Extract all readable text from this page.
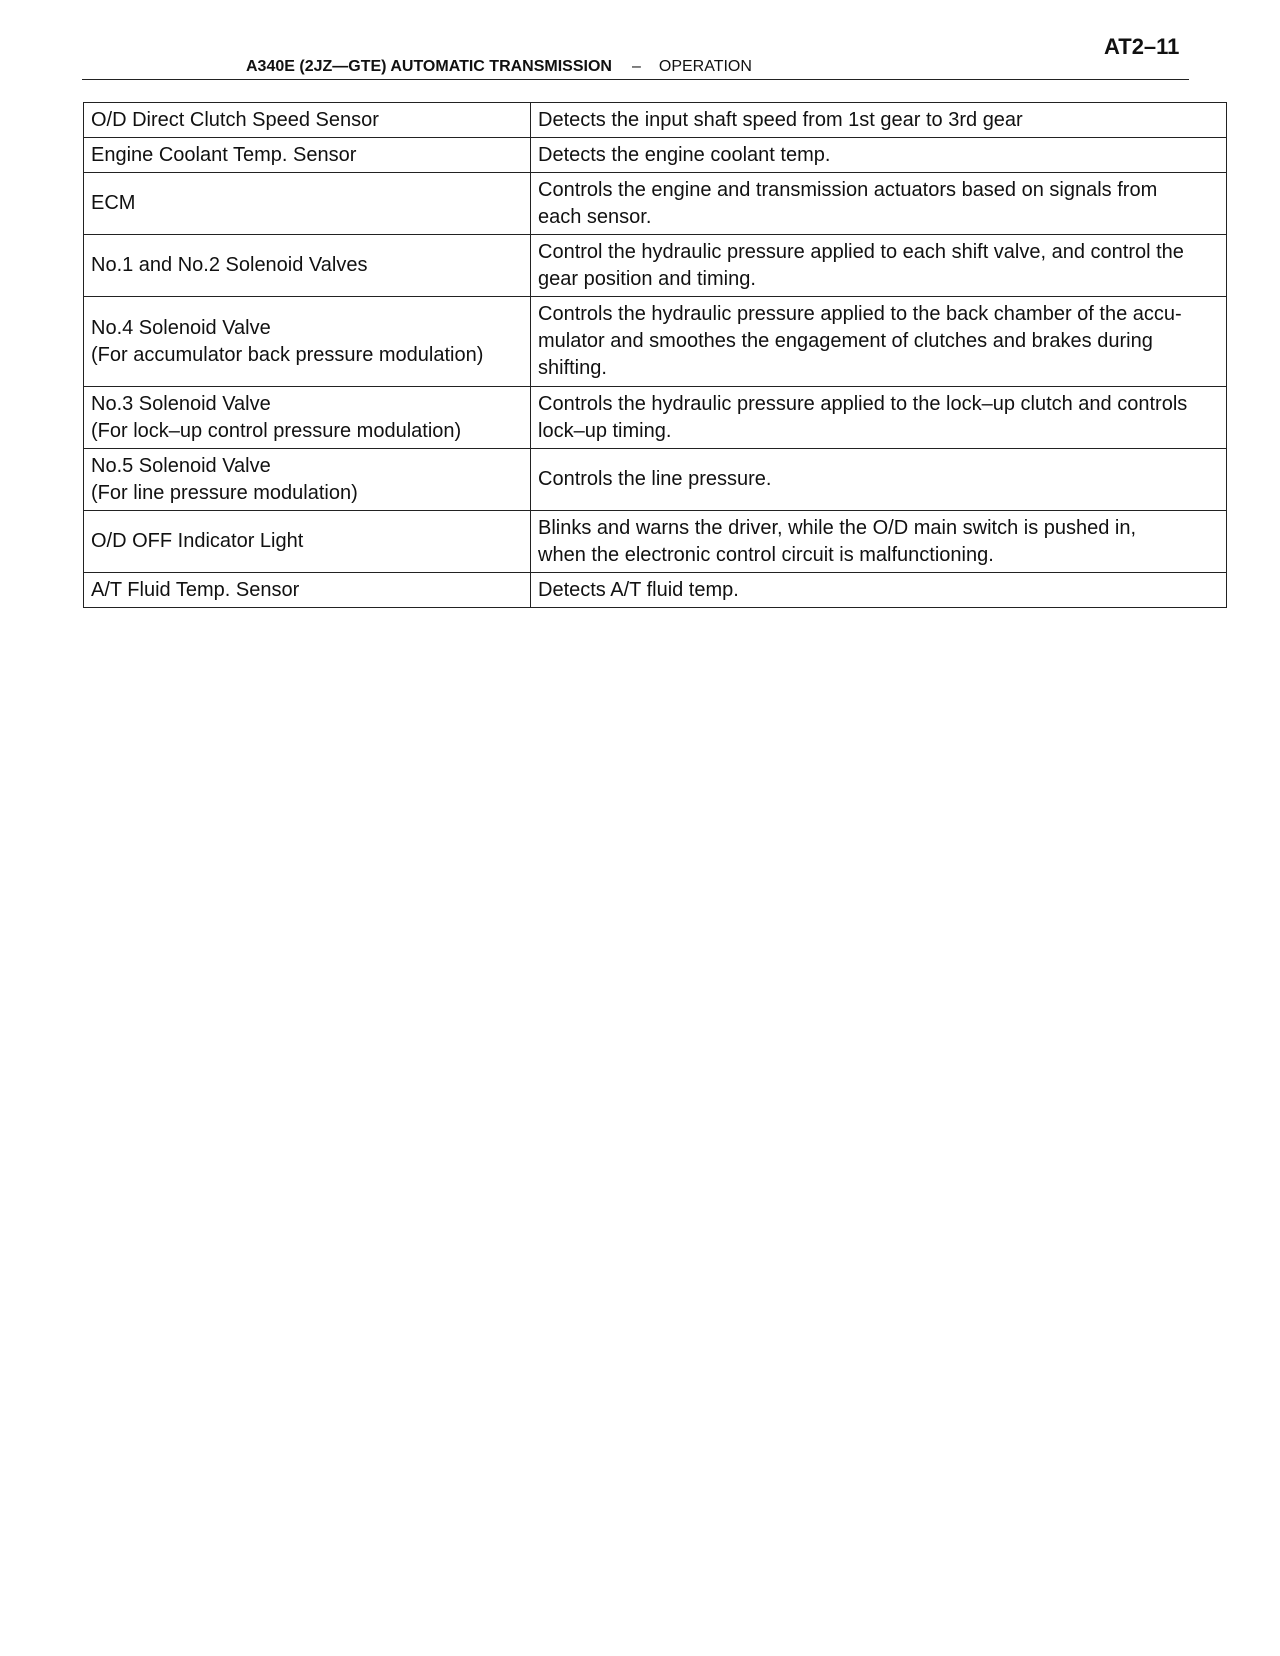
AT2–11
A340E (2JZ—GTE) AUTOMATIC TRANSMISSION – OPERATION
O/D Direct Clutch Speed Sensor	Detects the input shaft speed from 1st gear to 3rd gear

Engine Coolant Temp. Sensor	Detects the engine coolant temp.

ECM	Controls the engine and transmission actuators based on signals from
each sensor.

No.1 and No.2 Solenoid Valves	Control the hydraulic pressure applied to each shift valve, and control the
gear position and timing.

No.4 Solenoid Valve
(For accumulator back pressure modulation)	Controls the hydraulic pressure applied to the back chamber of the accu-
mulator and smoothes the engagement of clutches and brakes during
shifting.

No.3 Solenoid Valve
(For lock–up control pressure modulation)	Controls the hydraulic pressure applied to the lock–up clutch and controls
lock–up timing.

No.5 Solenoid Valve
(For line pressure modulation)	Controls the line pressure.

O/D OFF Indicator Light	Blinks and warns the driver, while the O/D main switch is pushed in,
when the electronic control circuit is malfunctioning.

A/T Fluid Temp. Sensor	Detects A/T fluid temp.
